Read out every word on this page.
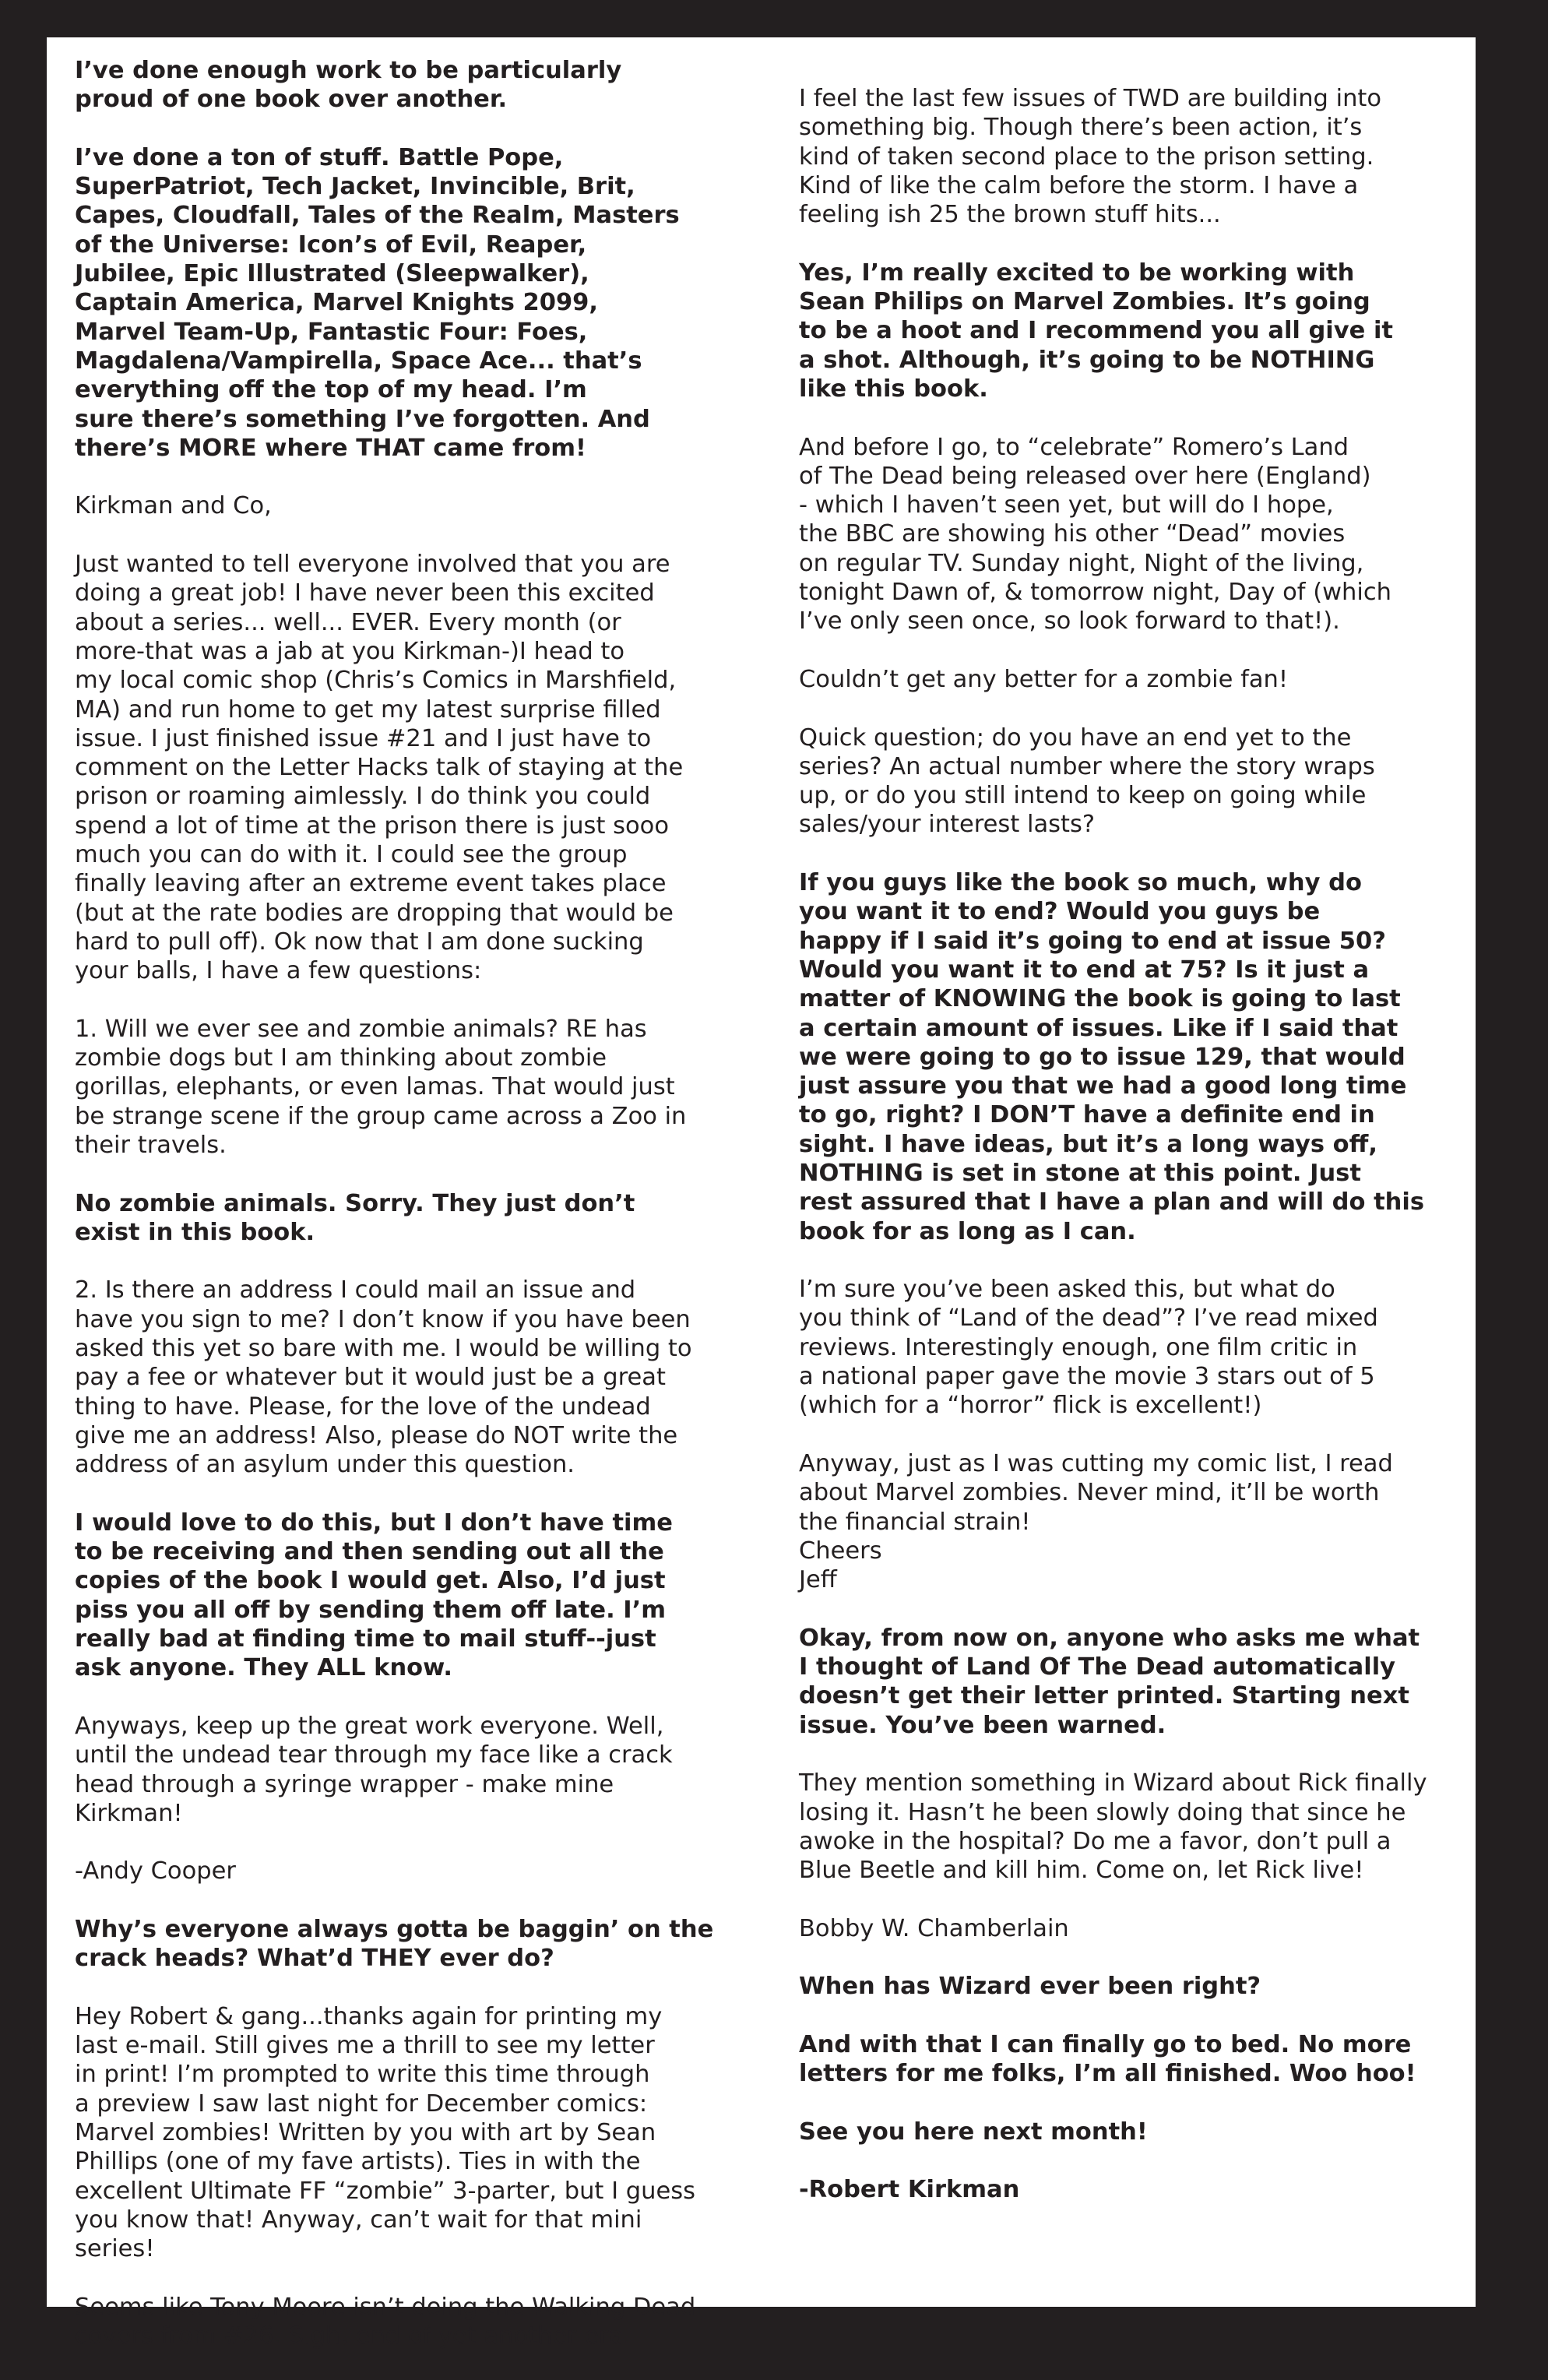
I’ve done enough work to be particularly
proud of one book over another.

I’ve done a ton of stuff. Battle Pope,
SuperPatriot, Tech Jacket, Invincible, Brit,
Capes, Cloudfall, Tales of the Realm, Masters
of the Universe: Icon’s of Evil, Reaper,
Jubilee, Epic Illustrated (Sleepwalker),
Captain America, Marvel Knights 2099,
Marvel Team-Up, Fantastic Four: Foes,
Magdalena/Vampirella, Space Ace... that’s
everything off the top of my head. I’m
sure there’s something I’ve forgotten. And
there’s MORE where THAT came from!

Kirkman and Co,

Just wanted to tell everyone involved that you are
doing a great job! I have never been this excited
about a series... well... EVER. Every month (or
more-that was a jab at you Kirkman-)I head to
my local comic shop (Chris’s Comics in Marshfield,
MA) and run home to get my latest surprise filled
issue. I just finished issue #21 and I just have to
comment on the Letter Hacks talk of staying at the
prison or roaming aimlessly. I do think you could
spend a lot of time at the prison there is just sooo
much you can do with it. I could see the group
finally leaving after an extreme event takes place
(but at the rate bodies are dropping that would be
hard to pull off). Ok now that I am done sucking
your balls, I have a few questions:

1. Will we ever see and zombie animals? RE has
zombie dogs but I am thinking about zombie
gorillas, elephants, or even lamas. That would just
be strange scene if the group came across a Zoo in
their travels.

No zombie animals. Sorry. They just don’t
exist in this book.

2. Is there an address I could mail an issue and
have you sign to me? I don’t know if you have been
asked this yet so bare with me. I would be willing to
pay a fee or whatever but it would just be a great
thing to have. Please, for the love of the undead
give me an address! Also, please do NOT write the
address of an asylum under this question.

I would love to do this, but I don’t have time
to be receiving and then sending out all the
copies of the book I would get. Also, I’d just
piss you all off by sending them off late. I’m
really bad at finding time to mail stuff--just
ask anyone. They ALL know.

Anyways, keep up the great work everyone. Well,
until the undead tear through my face like a crack
head through a syringe wrapper - make mine
Kirkman!

-Andy Cooper

Why’s everyone always gotta be baggin’ on the
crack heads? What’d THEY ever do?

Hey Robert & gang...thanks again for printing my
last e-mail. Still gives me a thrill to see my letter
in print! I’m prompted to write this time through
a preview I saw last night for December comics:
Marvel zombies! Written by you with art by Sean
Phillips (one of my fave artists). Ties in with the
excellent Ultimate FF “zombie” 3-parter, but I guess
you know that! Anyway, can’t wait for that mini
series!

Seems like Tony Moore isn’t doing the Walking Dead
covers from #26. Sigh, end of yet another era.

I feel the last few issues of TWD are building into
something big. Though there’s been action, it’s
kind of taken second place to the prison setting.
Kind of like the calm before the storm. I have a
feeling ish 25 the brown stuff hits...

Yes, I’m really excited to be working with
Sean Philips on Marvel Zombies. It’s going
to be a hoot and I recommend you all give it
a shot. Although, it’s going to be NOTHING
like this book.

And before I go, to “celebrate” Romero’s Land
of The Dead being released over here (England)
- which I haven’t seen yet, but will do I hope,
the BBC are showing his other “Dead” movies
on regular TV. Sunday night, Night of the living,
tonight Dawn of, & tomorrow night, Day of (which
I’ve only seen once, so look forward to that!).

Couldn’t get any better for a zombie fan!

Quick question; do you have an end yet to the
series? An actual number where the story wraps
up, or do you still intend to keep on going while
sales/your interest lasts?

If you guys like the book so much, why do
you want it to end? Would you guys be
happy if I said it’s going to end at issue 50?
Would you want it to end at 75? Is it just a
matter of KNOWING the book is going to last
a certain amount of issues. Like if I said that
we were going to go to issue 129, that would
just assure you that we had a good long time
to go, right? I DON’T have a definite end in
sight. I have ideas, but it’s a long ways off,
NOTHING is set in stone at this point. Just
rest assured that I have a plan and will do this
book for as long as I can.

I’m sure you’ve been asked this, but what do
you think of “Land of the dead”? I’ve read mixed
reviews. Interestingly enough, one film critic in
a national paper gave the movie 3 stars out of 5
(which for a “horror” flick is excellent!)

Anyway, just as I was cutting my comic list, I read
about Marvel zombies. Never mind, it’ll be worth
the financial strain!
Cheers
Jeff

Okay, from now on, anyone who asks me what
I thought of Land Of The Dead automatically
doesn’t get their letter printed. Starting next
issue. You’ve been warned.

They mention something in Wizard about Rick finally
losing it. Hasn’t he been slowly doing that since he
awoke in the hospital? Do me a favor, don’t pull a
Blue Beetle and kill him. Come on, let Rick live!

Bobby W. Chamberlain

When has Wizard ever been right?

And with that I can finally go to bed. No more
letters for me folks, I’m all finished. Woo hoo!

See you here next month!

-Robert Kirkman
